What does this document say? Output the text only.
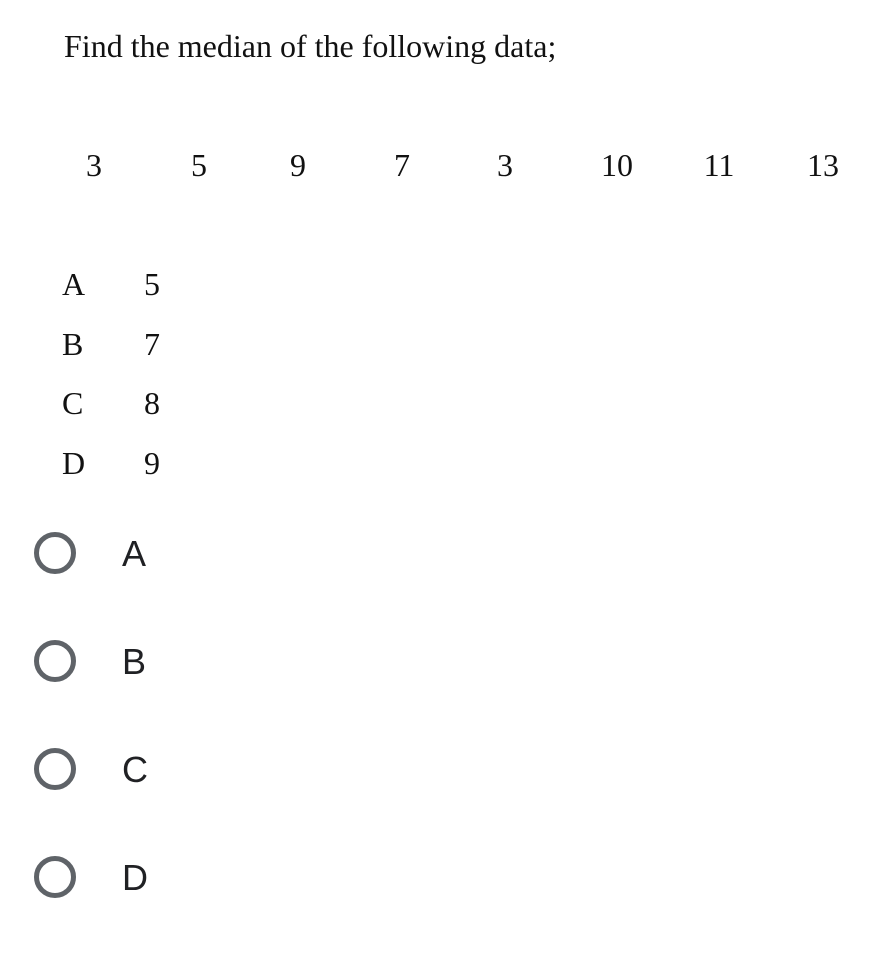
Find the median of the following data;
3	5	9	7	3	10 11 13
A 5
B 7
C 8
D 9
A
B
C
D
